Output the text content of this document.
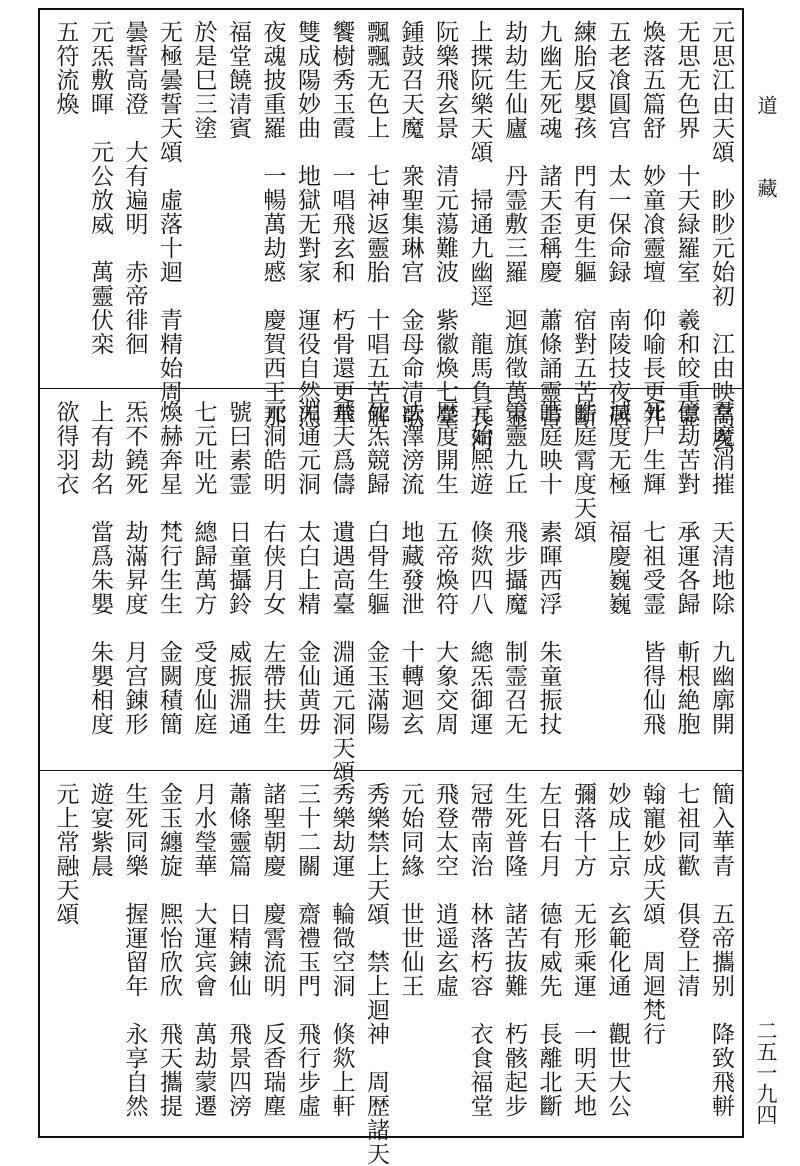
元思江由天頌　眇眇元始初　江由映高玄
无思无色界　十天緑羅室　羲和皎重霊
煥落五篇舒　妙童飡靈壇　仰喻長更井
五老飡圓宫　太一保命録　南陵技夜居
練胎反嬰孩　門有更生軀　宿對五苦斷
九幽无死魂　諸天歪稱慶　蕭條誦靈書
劫劫生仙廬　丹霊敷三羅　迴旗徵萬霊
上揲阮樂天頌　掃通九幽逕　龍馬負長河
阮樂飛玄景　清元蕩難波　紫徽煥七臺
鍾鼓召天魔　衆聖集琳宫　金母命清歌
飄飄无色上　七神返靈胎　十唱五苦解
饗樹秀玉霞　一唱飛玄和　朽骨還更華
雙成陽妙曲　地獄无對家　運役自然炁
夜魂披重羅　一暢萬劫慼　慶賀西王那
福堂饒清賓　　　　
於是巳三塗　　　　
无極曇誓天頌　虛落十迴　青精始周
曇誓高澄　大有遍明　赤帝徘徊
元炁敷暉　元公放威　萬靈伏栾
五符流煥
羣魔消摧　天清地除　九幽廓開
億劫苦對　承運各歸　斬根絶胞
死尸生輝　七祖受霊　皆得仙飛
滅度无極　福慶巍巍
皓庭霄度天頌
皓庭映十　素暉西浮　朱童振扙
策靈九丘　飛步攝魔　制霊召无
元始熈遊　倏欻四八　總炁御運
歴度開生　五帝煥符　大象交周
法澤滂流　地藏發泄　十轉迴玄
死炁競歸　白骨生軀　金玉滿陽
飛天爲儔　遺遇高臺　淵通元洞天頌
淵通元洞　太白上精　金仙黄毋
元洞皓明　右侠月女　左帶扶生
號曰素霊　日童攝鈴　威振淵通
七元吐光　總歸萬方　受度仙庭
煥赫奔星　梵行生生　金闕積簡
炁不鐃死　劫滿昇度　月宫錬形
上有劫名　當爲朱嬰　朱嬰相度
欲得羽衣
簡入華青　五帝攜别　降致飛軿
七祖同歡　俱登上清
翰寵妙成天頌　周迴梵行
妙成上京　玄範化通　觀世大公
彌落十方　无形乘運　一明天地
左日右月　德有威先　長離北斷
生死普隆　諸苦抜難　朽骸起步
冠帶南治　林落朽容　衣食福堂
飛登太空　逍遥玄虛
元始同緣　世世仙王
秀樂禁上天頌　禁上迴神　周歴諸天
秀樂劫運　輪㣲空洞　倏欻上軒
三十二關　齋禮玉門　飛行步虛
諸聖朝慶　慶霄流明　反香瑞塵
蕭條靈篇　日精錬仙　飛景四滂
月水瑩華　大運宾會　萬劫蒙遷
金玉纏旋　熈怡欣欣　飛天攜提
生死同樂　握運留年　永享自然
遊宴紫晨
元上常融天頌
道
藏
二五一九四
